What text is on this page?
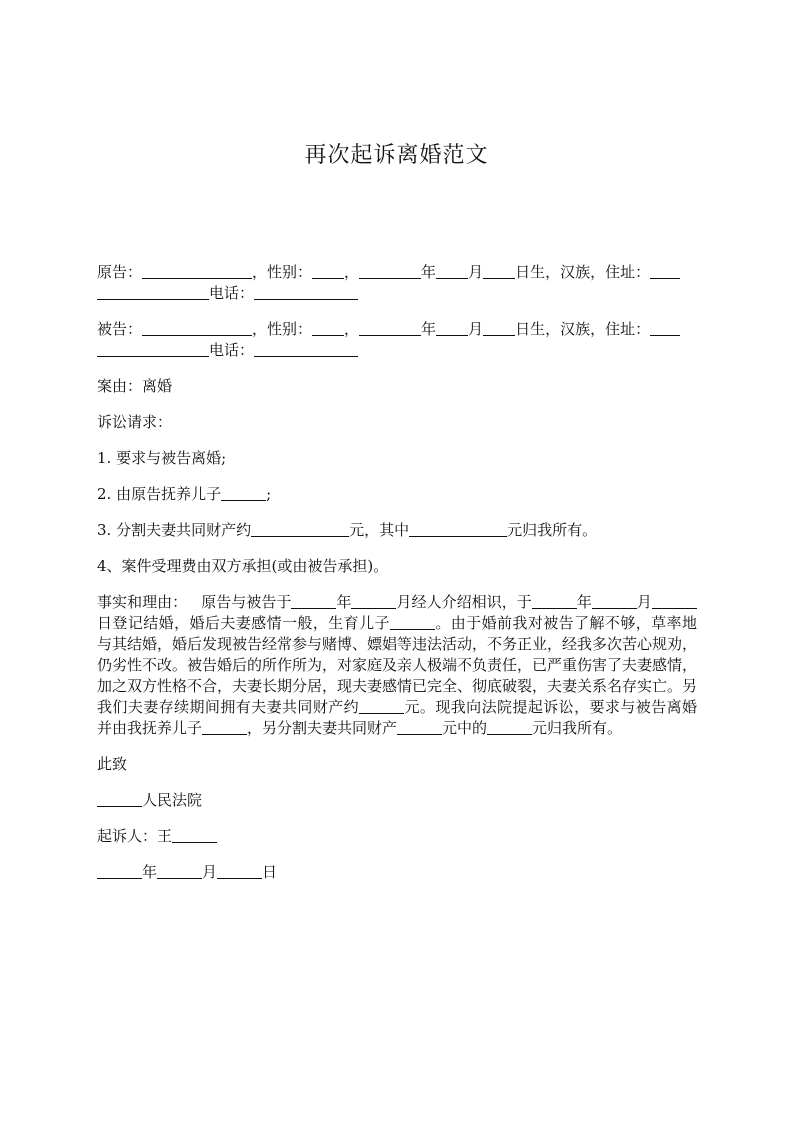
再次起诉离婚范文

原告：	，性别： ，	年 月 日生，汉族，住址：
电话：

被告：	，性别： ，	年 月 日生，汉族，住址：
电话：

案由：离婚

诉讼请求：

1. 要求与被告离婚;

2. 由原告抚养儿子	;

3. 分割夫妻共同财产约	元，其中	元归我所有。

4、案件受理费由双方承担(或由被告承担)。

事实和理由： 原告与被告于	年	月经人介绍相识，于	年	月日登记结婚，婚后夫妻感情一般，生育儿子	。由于婚前我对被告了解不够，草率地与其结婚，婚后发现被告经常参与赌博、嫖娼等违法活动，不务正业，经我多次苦心规劝，仍劣性不改。被告婚后的所作所为，对家庭及亲人极端不负责任，已严重伤害了夫妻感情，加之双方性格不合，夫妻长期分居，现夫妻感情已完全、彻底破裂，夫妻关系名存实亡。另我们夫妻存续期间拥有夫妻共同财产约	元。现我向法院提起诉讼，要求与被告离婚并由我抚养儿子	，另分割夫妻共同财产	元中的	元归我所有。

此致

人民法院

起诉人：王

年	月	日
